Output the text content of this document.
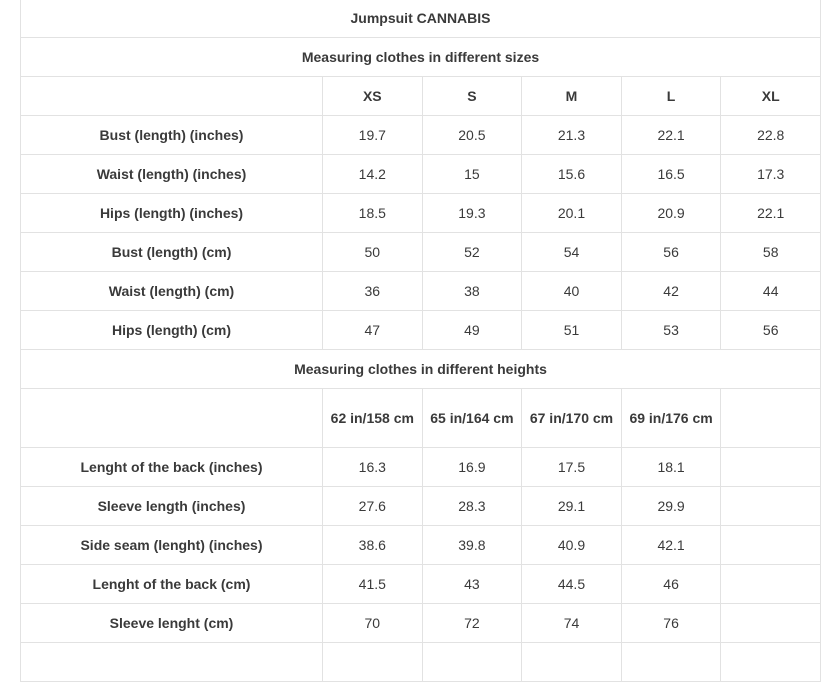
Jumpsuit CANNABIS					
Measuring clothes in different sizes					
	XS	S	M	L	XL
Bust (length) (inches)	19.7	20.5	21.3	22.1	22.8
Waist (length) (inches)	14.2	15	15.6	16.5	17.3
Hips (length) (inches)	18.5	19.3	20.1	20.9	22.1
Bust (length) (cm)	50	52	54	56	58
Waist (length) (cm)	36	38	40	42	44
Hips (length) (cm)	47	49	51	53	56
Measuring clothes in different heights					
	62 in/158 cm	65 in/164 cm	67 in/170 cm	69 in/176 cm	
Lenght of the back (inches)	16.3	16.9	17.5	18.1	
Sleeve length (inches)	27.6	28.3	29.1	29.9	
Side seam (lenght) (inches)	38.6	39.8	40.9	42.1	
Lenght of the back (cm)	41.5	43	44.5	46	
Sleeve lenght (cm)	70	72	74	76	
